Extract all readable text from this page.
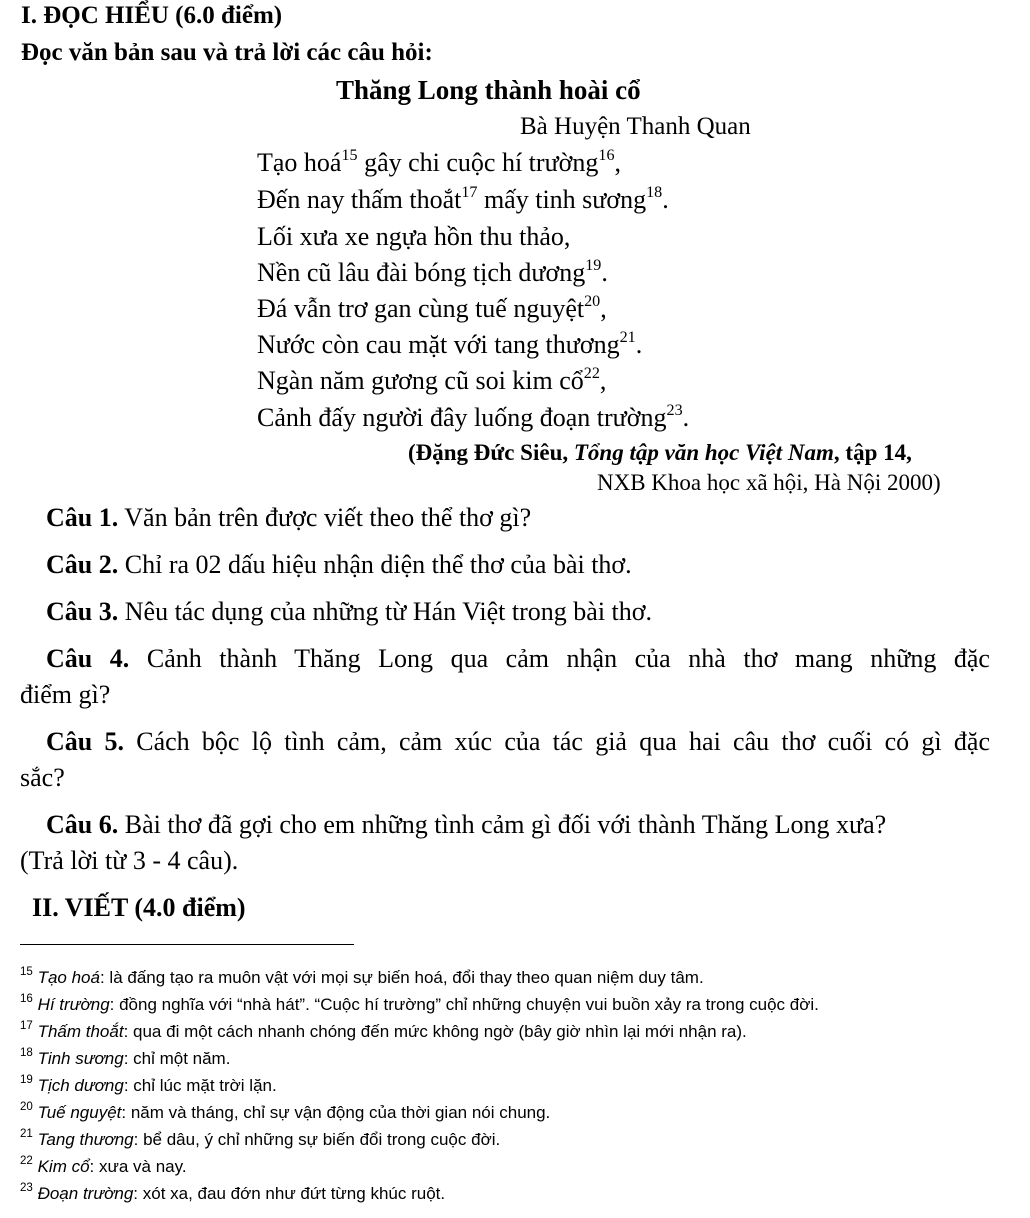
I. ĐỌC HIỂU (6.0 điểm)
Đọc văn bản sau và trả lời các câu hỏi:
Thăng Long thành hoài cổ
Bà Huyện Thanh Quan
Tạo hoá$^{15}$ gây chi cuộc hí trường$^{16}$,
Đến nay thấm thoắt$^{17}$ mấy tinh sương$^{18}$.
Lối xưa xe ngựa hồn thu thảo,
Nền cũ lâu đài bóng tịch dương$^{19}$.
Đá vẫn trơ gan cùng tuế nguyệt$^{20}$,
Nước còn cau mặt với tang thương$^{21}$.
Ngàn năm gương cũ soi kim cổ$^{22}$,
Cảnh đấy người đây luống đoạn trường$^{23}$.
(Đặng Đức Siêu, Tổng tập văn học Việt Nam, tập 14,
NXB Khoa học xã hội, Hà Nội 2000)
Câu 1. Văn bản trên được viết theo thể thơ gì?
Câu 2. Chỉ ra 02 dấu hiệu nhận diện thể thơ của bài thơ.
Câu 3. Nêu tác dụng của những từ Hán Việt trong bài thơ.
Câu 4. Cảnh thành Thăng Long qua cảm nhận của nhà thơ mang những đặc
điểm gì?
Câu 5. Cách bộc lộ tình cảm, cảm xúc của tác giả qua hai câu thơ cuối có gì đặc
sắc?
Câu 6. Bài thơ đã gợi cho em những tình cảm gì đối với thành Thăng Long xưa?
(Trả lời từ 3 - 4 câu).
II. VIẾT (4.0 điểm)
$^{15}$ Tạo hoá: là đấng tạo ra muôn vật với mọi sự biến hoá, đổi thay theo quan niệm duy tâm.
$^{16}$ Hí trường: đồng nghĩa với “nhà hát”. “Cuộc hí trường” chỉ những chuyện vui buồn xảy ra trong cuộc đời.
$^{17}$ Thấm thoắt: qua đi một cách nhanh chóng đến mức không ngờ (bây giờ nhìn lại mới nhận ra).
$^{18}$ Tinh sương: chỉ một năm.
$^{19}$ Tịch dương: chỉ lúc mặt trời lặn.
$^{20}$ Tuế nguyệt: năm và tháng, chỉ sự vận động của thời gian nói chung.
$^{21}$ Tang thương: bể dâu, ý chỉ những sự biến đổi trong cuộc đời.
$^{22}$ Kim cổ: xưa và nay.
$^{23}$ Đoạn trường: xót xa, đau đớn như đứt từng khúc ruột.
